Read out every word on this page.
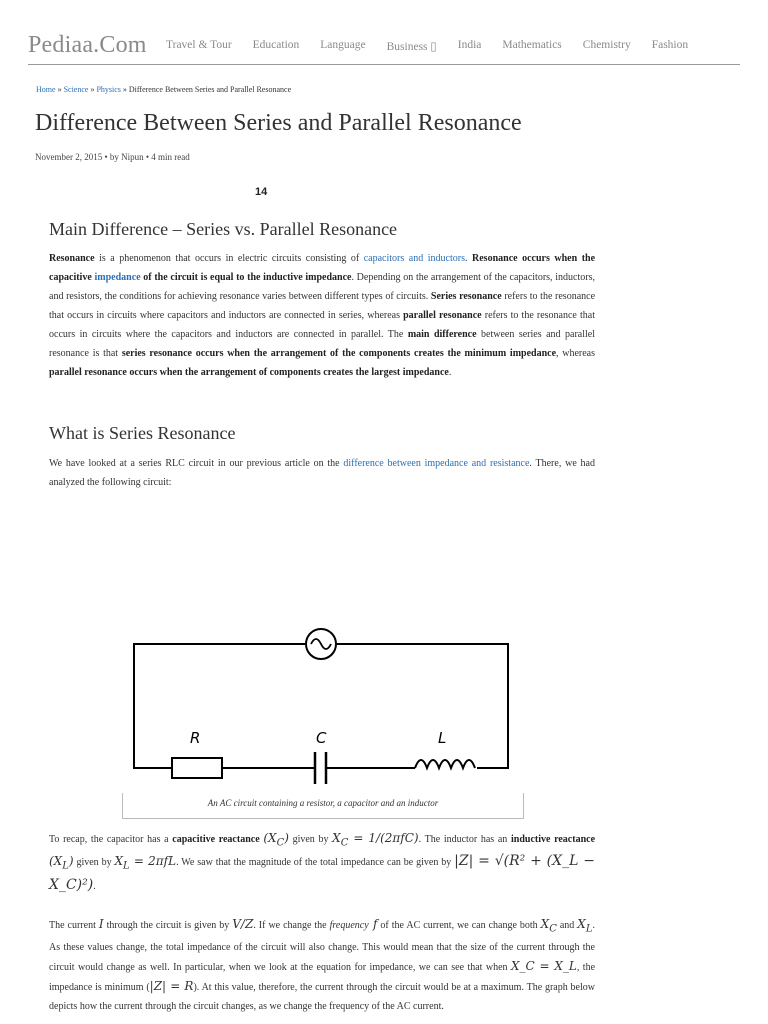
Pediaa.Com Travel & Tour Education Language Business ▯ India Mathematics Chemistry Fashion
Home » Science » Physics » Difference Between Series and Parallel Resonance
Difference Between Series and Parallel Resonance
November 2, 2015 • by Nipun • 4 min read
14
Main Difference – Series vs. Parallel Resonance
Resonance is a phenomenon that occurs in electric circuits consisting of capacitors and inductors. Resonance occurs when the capacitive impedance of the circuit is equal to the inductive impedance. Depending on the arrangement of the capacitors, inductors, and resistors, the conditions for achieving resonance varies between different types of circuits. Series resonance refers to the resonance that occurs in circuits where capacitors and inductors are connected in series, whereas parallel resonance refers to the resonance that occurs in circuits where the capacitors and inductors are connected in parallel. The main difference between series and parallel resonance is that series resonance occurs when the arrangement of the components creates the minimum impedance, whereas parallel resonance occurs when the arrangement of components creates the largest impedance.
What is Series Resonance
We have looked at a series RLC circuit in our previous article on the difference between impedance and resistance. There, we had analyzed the following circuit:
R	C	L
An AC circuit containing a resistor, a capacitor and an inductor
To recap, the capacitor has a capacitive reactance $(X_C)$ given by $X_C = 1/(2\pi fC)$. The inductor has an inductive reactance $(X_L)$ given by $X_L = 2\pi fL$. We saw that the magnitude of the total impedance can be given by |Z| = √(R² + (X_L − X_C)²).
The current I through the circuit is given by V/Z. If we change the frequency f of the AC current, we can change both $X_C$ and $X_L$. As these values change, the total impedance of the circuit will also change. This would mean that the size of the current through the circuit would change as well. In particular, when we look at the equation for impedance, we can see that when X_C = X_L, the impedance is minimum (|Z| = R). At this value, therefore, the current through the circuit would be at a maximum. The graph below depicts how the current through the circuit changes, as we change the frequency of the AC current.
